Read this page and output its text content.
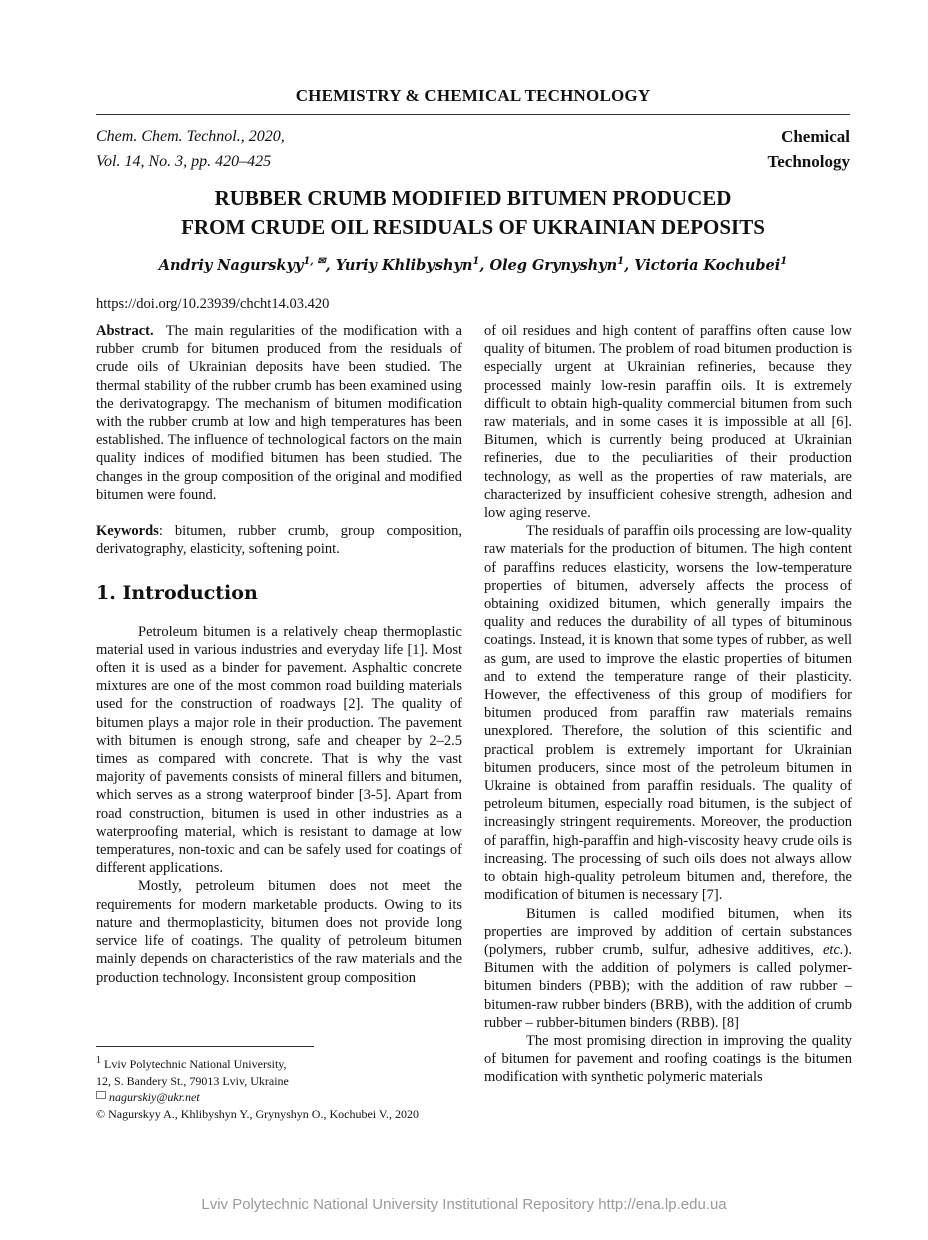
CHEMISTRY & CHEMICAL TECHNOLOGY
Chem. Chem. Technol., 2020,
Vol. 14, No. 3, pp. 420–425
Chemical
Technology
RUBBER CRUMB MODIFIED BITUMEN PRODUCED
FROM CRUDE OIL RESIDUALS OF UKRAINIAN DEPOSITS
Andriy Nagurskyy$^{1, ✉}$, Yuriy Khlibyshyn$^1$, Oleg Grynyshyn$^1$, Victoria Kochubei$^1$
https://doi.org/10.23939/chcht14.03.420

Abstract. The main regularities of the modification with a rubber crumb for bitumen produced from the residuals of crude oils of Ukrainian deposits have been studied. The thermal stability of the rubber crumb has been examined using the derivatograpgy. The mechanism of bitumen modification with the rubber crumb at low and high temperatures has been established. The influence of technological factors on the main quality indices of modified bitumen has been studied. The changes in the group composition of the original and modified bitumen were found.

Keywords: bitumen, rubber crumb, group composition, derivatography, elasticity, softening point.

1. Introduction

Petroleum bitumen is a relatively cheap thermoplastic material used in various industries and everyday life [1]. Most often it is used as a binder for pavement. Asphaltic concrete mixtures are one of the most common road building materials used for the construction of roadways [2]. The quality of bitumen plays a major role in their production. The pavement with bitumen is enough strong, safe and cheaper by 2–2.5 times as compared with concrete. That is why the vast majority of pavements consists of mineral fillers and bitumen, which serves as a strong waterproof binder [3-5]. Apart from road construction, bitumen is used in other industries as a waterproofing material, which is resistant to damage at low temperatures, non-toxic and can be safely used for coatings of different applications.

Mostly, petroleum bitumen does not meet the requirements for modern marketable products. Owing to its nature and thermoplasticity, bitumen does not provide long service life of coatings. The quality of petroleum bitumen mainly depends on characteristics of the raw materials and the production technology. Inconsistent group composition

of oil residues and high content of paraffins often cause low quality of bitumen. The problem of road bitumen production is especially urgent at Ukrainian refineries, because they processed mainly low-resin paraffin oils. It is extremely difficult to obtain high-quality commercial bitumen from such raw materials, and in some cases it is impossible at all [6]. Bitumen, which is currently being produced at Ukrainian refineries, due to the peculiarities of their production technology, as well as the properties of raw materials, are characterized by insufficient cohesive strength, adhesion and low aging reserve.

The residuals of paraffin oils processing are low-quality raw materials for the production of bitumen. The high content of paraffins reduces elasticity, worsens the low-temperature properties of bitumen, adversely affects the process of obtaining oxidized bitumen, which generally impairs the quality and reduces the durability of all types of bituminous coatings. Instead, it is known that some types of rubber, as well as gum, are used to improve the elastic properties of bitumen and to extend the temperature range of their plasticity. However, the effectiveness of this group of modifiers for bitumen produced from paraffin raw materials remains unexplored. Therefore, the solution of this scientific and practical problem is extremely important for Ukrainian bitumen producers, since most of the petroleum bitumen in Ukraine is obtained from paraffin residuals. The quality of petroleum bitumen, especially road bitumen, is the subject of increasingly stringent requirements. Moreover, the production of paraffin, high-paraffin and high-viscosity heavy crude oils is increasing. The processing of such oils does not always allow to obtain high-quality petroleum bitumen and, therefore, the modification of bitumen is necessary [7].

Bitumen is called modified bitumen, when its properties are improved by addition of certain substances (polymers, rubber crumb, sulfur, adhesive additives, etc.). Bitumen with the addition of polymers is called polymer-bitumen binders (PBB); with the addition of raw rubber – bitumen-raw rubber binders (BRB), with the addition of crumb rubber – rubber-bitumen binders (RBB). [8]

The most promising direction in improving the quality of bitumen for pavement and roofing coatings is the bitumen modification with synthetic polymeric materials

$^1$ Lviv Polytechnic National University,
12, S. Bandery St., 79013 Lviv, Ukraine
nagurskiy@ukr.net
© Nagurskyy A., Khlibyshyn Y., Grynyshyn O., Kochubei V., 2020
Lviv Polytechnic National University Institutional Repository http://ena.lp.edu.ua
